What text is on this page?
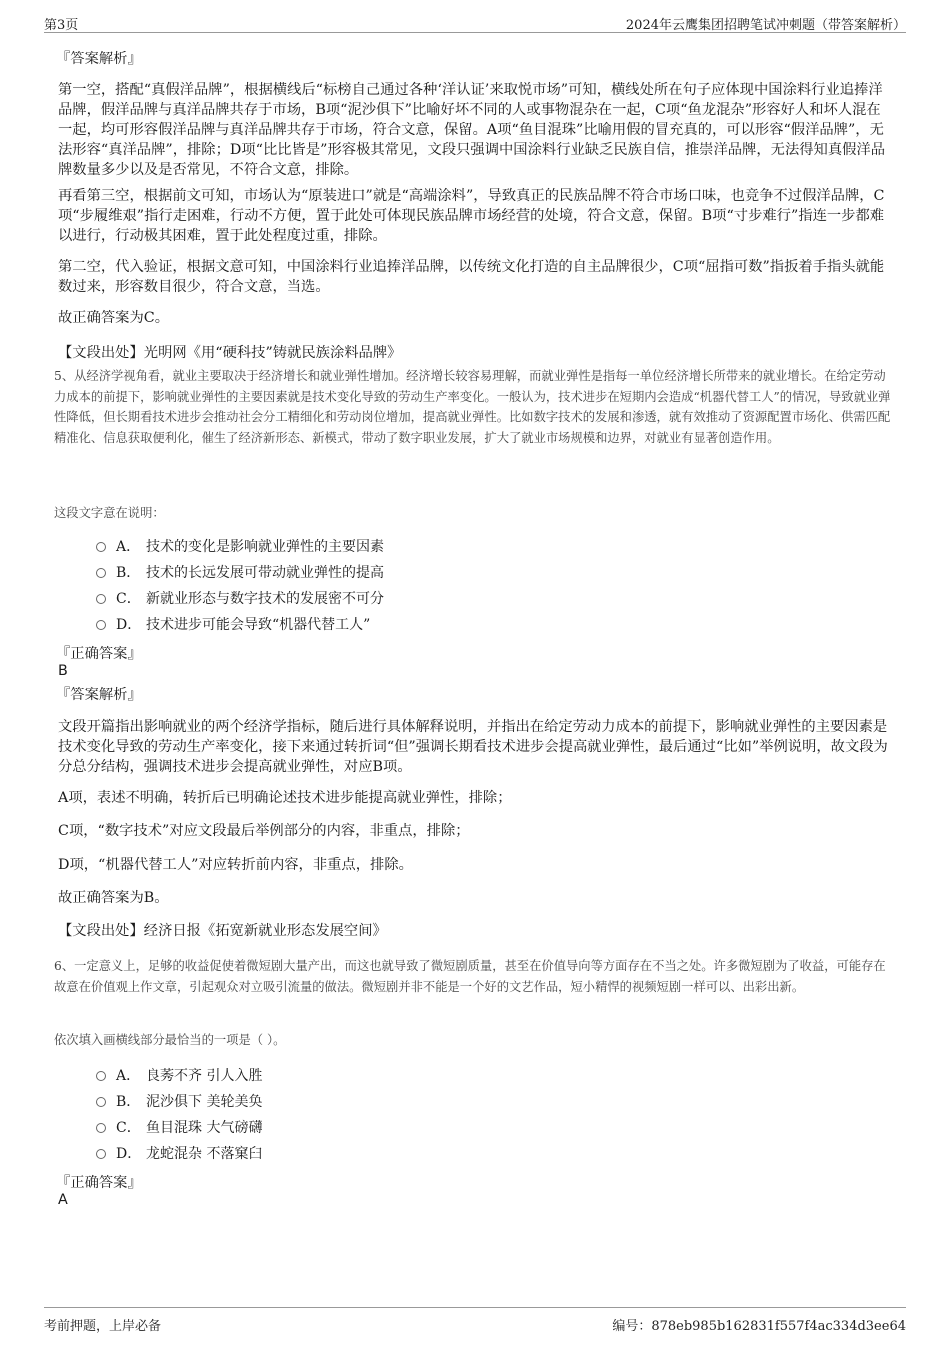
第3页	2024年云鹰集团招聘笔试冲刺题（带答案解析）
『答案解析』

第一空，搭配“真假洋品牌”，根据横线后“标榜自己通过各种‘洋认证’来取悦市场”可知，横线处所在句子应体现中国涂料行业追捧洋品牌，假洋品牌与真洋品牌共存于市场，B项“泥沙俱下”比喻好坏不同的人或事物混杂在一起，C项“鱼龙混杂”形容好人和坏人混在一起，均可形容假洋品牌与真洋品牌共存于市场，符合文意，保留。A项“鱼目混珠”比喻用假的冒充真的，可以形容“假洋品牌”，无法形容“真洋品牌”，排除；D项“比比皆是”形容极其常见，文段只强调中国涂料行业缺乏民族自信，推崇洋品牌，无法得知真假洋品牌数量多少以及是否常见，不符合文意，排除。

再看第三空，根据前文可知，市场认为“原装进口”就是“高端涂料”，导致真正的民族品牌不符合市场口味，也竞争不过假洋品牌，C项“步履维艰”指行走困难，行动不方便，置于此处可体现民族品牌市场经营的处境，符合文意，保留。B项“寸步难行”指连一步都难以进行，行动极其困难，置于此处程度过重，排除。

第二空，代入验证，根据文意可知，中国涂料行业追捧洋品牌，以传统文化打造的自主品牌很少，C项“屈指可数”指扳着手指头就能数过来，形容数目很少，符合文意，当选。

故正确答案为C。

【文段出处】光明网《用“硬科技”铸就民族涂料品牌》

5、从经济学视角看，就业主要取决于经济增长和就业弹性增加。经济增长较容易理解，而就业弹性是指每一单位经济增长所带来的就业增长。在给定劳动力成本的前提下，影响就业弹性的主要因素就是技术变化导致的劳动生产率变化。一般认为，技术进步在短期内会造成“机器代替工人”的情况，导致就业弹性降低，但长期看技术进步会推动社会分工精细化和劳动岗位增加，提高就业弹性。比如数字技术的发展和渗透，就有效推动了资源配置市场化、供需匹配精准化、信息获取便利化，催生了经济新形态、新模式，带动了数字职业发展，扩大了就业市场规模和边界，对就业有显著创造作用。

这段文字意在说明：

A． 技术的变化是影响就业弹性的主要因素
B． 技术的长远发展可带动就业弹性的提高
C． 新就业形态与数字技术的发展密不可分
D． 技术进步可能会导致“机器代替工人”
『正确答案』
B
『答案解析』

文段开篇指出影响就业的两个经济学指标，随后进行具体解释说明，并指出在给定劳动力成本的前提下，影响就业弹性的主要因素是技术变化导致的劳动生产率变化，接下来通过转折词“但”强调长期看技术进步会提高就业弹性，最后通过“比如”举例说明，故文段为分总分结构，强调技术进步会提高就业弹性，对应B项。

A项，表述不明确，转折后已明确论述技术进步能提高就业弹性，排除；

C项，“数字技术”对应文段最后举例部分的内容，非重点，排除；

D项，“机器代替工人”对应转折前内容，非重点，排除。

故正确答案为B。

【文段出处】经济日报《拓宽新就业形态发展空间》

6、一定意义上，足够的收益促使着微短剧大量产出，而这也就导致了微短剧质量，甚至在价值导向等方面存在不当之处。许多微短剧为了收益，可能存在故意在价值观上作文章，引起观众对立吸引流量的做法。微短剧并非不能是一个好的文艺作品，短小精悍的视频短剧一样可以、出彩出新。

依次填入画横线部分最恰当的一项是（ ）。

A． 良莠不齐 引人入胜
B． 泥沙俱下 美轮美奂
C． 鱼目混珠 大气磅礴
D． 龙蛇混杂 不落窠臼
『正确答案』
A
考前押题，上岸必备	编号：878eb985b162831f557f4ac334d3ee64
